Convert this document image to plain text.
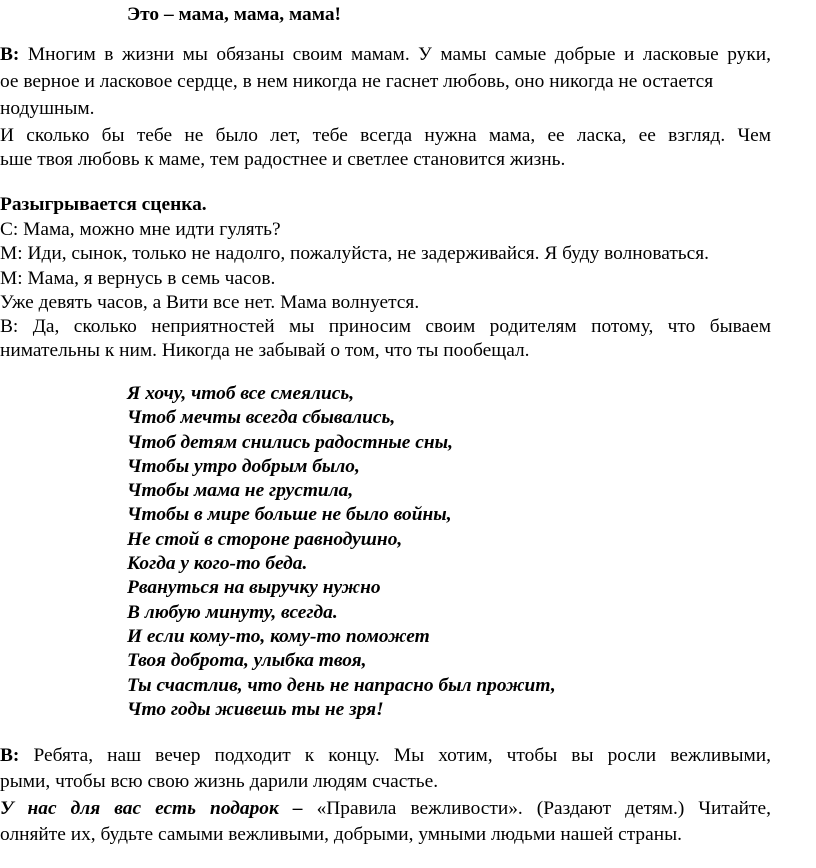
Это – мама, мама, мама!
В: Многим в жизни мы обязаны своим мамам. У мамы самые добрые и ласковые руки,
ое верное и ласковое сердце, в нем никогда не гаснет любовь, оно никогда не остается
нодушным.
И сколько бы тебе не было лет, тебе всегда нужна мама, ее ласка, ее взгляд. Чем
ьше твоя любовь к маме, тем радостнее и светлее становится жизнь.
Разыгрывается сценка.
С: Мама, можно мне идти гулять?
М: Иди, сынок, только не надолго, пожалуйста, не задерживайся. Я буду волноваться.
М: Мама, я вернусь в семь часов.
Уже девять часов, а Вити все нет. Мама волнуется.
В: Да, сколько неприятностей мы приносим своим родителям потому, что бываем
нимательны к ним. Никогда не забывай о том, что ты пообещал.
Я хочу, чтоб все смеялись,
Чтоб мечты всегда сбывались,
Чтоб детям снились радостные сны,
Чтобы утро добрым было,
Чтобы мама не грустила,
Чтобы в мире больше не было войны,
Не стой в стороне равнодушно,
Когда у кого-то беда.
Рвануться на выручку нужно
В любую минуту, всегда.
И если кому-то, кому-то поможет
Твоя доброта, улыбка твоя,
Ты счастлив, что день не напрасно был прожит,
Что годы живешь ты не зря!
В: Ребята, наш вечер подходит к концу. Мы хотим, чтобы вы росли вежливыми,
рыми, чтобы всю свою жизнь дарили людям счастье.
У нас для вас есть подарок – «Правила вежливости». (Раздают детям.) Читайте,
олняйте их, будьте самыми вежливыми, добрыми, умными людьми нашей страны.
